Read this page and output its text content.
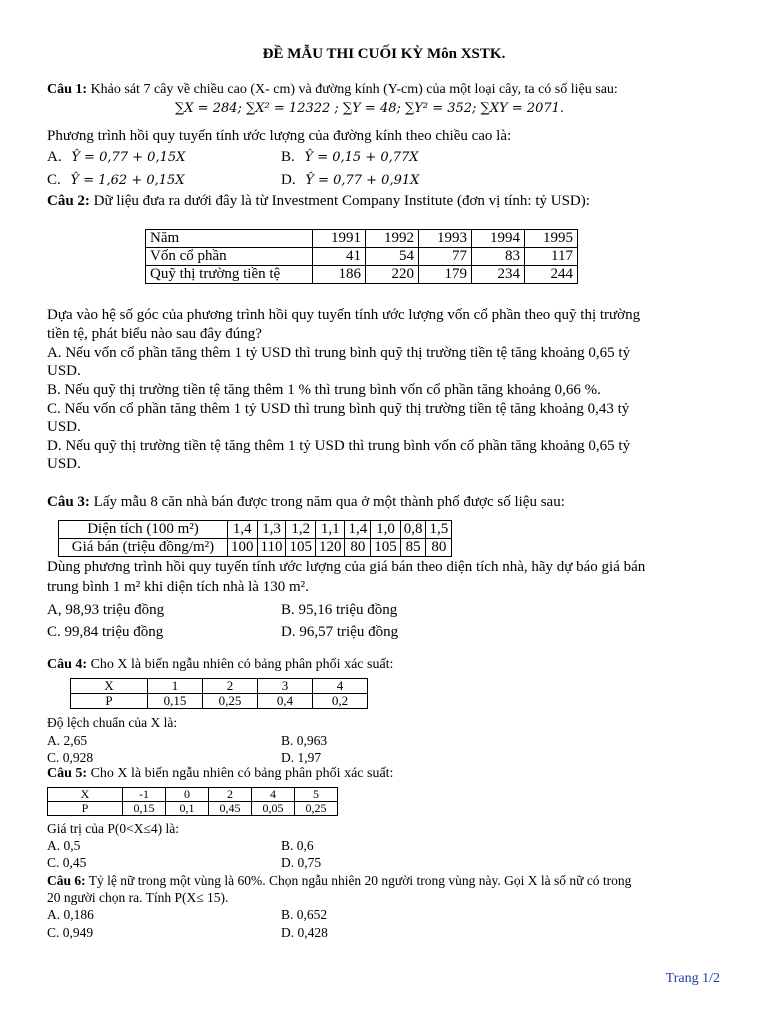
ĐỀ MẪU THI CUỐI KỲ Môn XSTK.
Câu 1: Khảo sát 7 cây về chiều cao (X- cm) và đường kính (Y-cm) của một loại cây, ta có số liệu sau:
∑X = 284; ∑X² = 12322 ; ∑Y = 48; ∑Y² = 352; ∑XY = 2071.
Phương trình hồi quy tuyến tính ước lượng của đường kính theo chiều cao là:
A. Ŷ = 0,77 + 0,15X	B. Ŷ = 0,15 + 0,77X
C. Ŷ = 1,62 + 0,15X	D. Ŷ = 0,77 + 0,91X
Câu 2: Dữ liệu đưa ra dưới đây là từ Investment Company Institute (đơn vị tính: tỷ USD):
Năm	1991	1992	1993	1994	1995
Vốn cổ phần	41	54	77	83	117
Quỹ thị trường tiền tệ	186	220	179	234	244
Dựa vào hệ số góc của phương trình hồi quy tuyến tính ước lượng vốn cổ phần theo quỹ thị trường
tiền tệ, phát biểu nào sau đây đúng?
A. Nếu vốn cổ phần tăng thêm 1 tỷ USD thì trung bình quỹ thị trường tiền tệ tăng khoảng 0,65 tỷ
USD.
B. Nếu quỹ thị trường tiền tệ tăng thêm 1 % thì trung bình vốn cổ phần tăng khoảng 0,66 %.
C. Nếu vốn cổ phần tăng thêm 1 tỷ USD thì trung bình quỹ thị trường tiền tệ tăng khoảng 0,43 tỷ
USD.
D. Nếu quỹ thị trường tiền tệ tăng thêm 1 tỷ USD thì trung bình vốn cổ phần tăng khoảng 0,65 tỷ
USD.
Câu 3: Lấy mẫu 8 căn nhà bán được trong năm qua ở một thành phố được số liệu sau:
Diện tích (100 m²)	1,4	1,3	1,2	1,1	1,4	1,0	0,8	1,5
Giá bán (triệu đồng/m²)	100	110	105	120	80	105	85	80
Dùng phương trình hồi quy tuyến tính ước lượng của giá bán theo diện tích nhà, hãy dự báo giá bán
trung bình 1 m² khi diện tích nhà là 130 m².
A, 98,93 triệu đồng	B. 95,16 triệu đồng
C. 99,84 triệu đồng	D. 96,57 triệu đồng
Câu 4: Cho X là biến ngẫu nhiên có bảng phân phối xác suất:
X	1	2	3	4
P	0,15	0,25	0,4	0,2
Độ lệch chuẩn của X là:
A. 2,65	B. 0,963
C. 0,928	D. 1,97
Câu 5: Cho X là biến ngẫu nhiên có bảng phân phối xác suất:
X	-1	0	2	4	5
P	0,15	0,1	0,45	0,05	0,25
Giá trị của P(0<X≤4) là:
A. 0,5	B. 0,6
C. 0,45	D. 0,75
Câu 6: Tỷ lệ nữ trong một vùng là 60%. Chọn ngẫu nhiên 20 người trong vùng này. Gọi X là số nữ có trong
20 người chọn ra. Tính P(X≤ 15).
A. 0,186	B. 0,652
C. 0,949	D. 0,428
Trang 1/2
